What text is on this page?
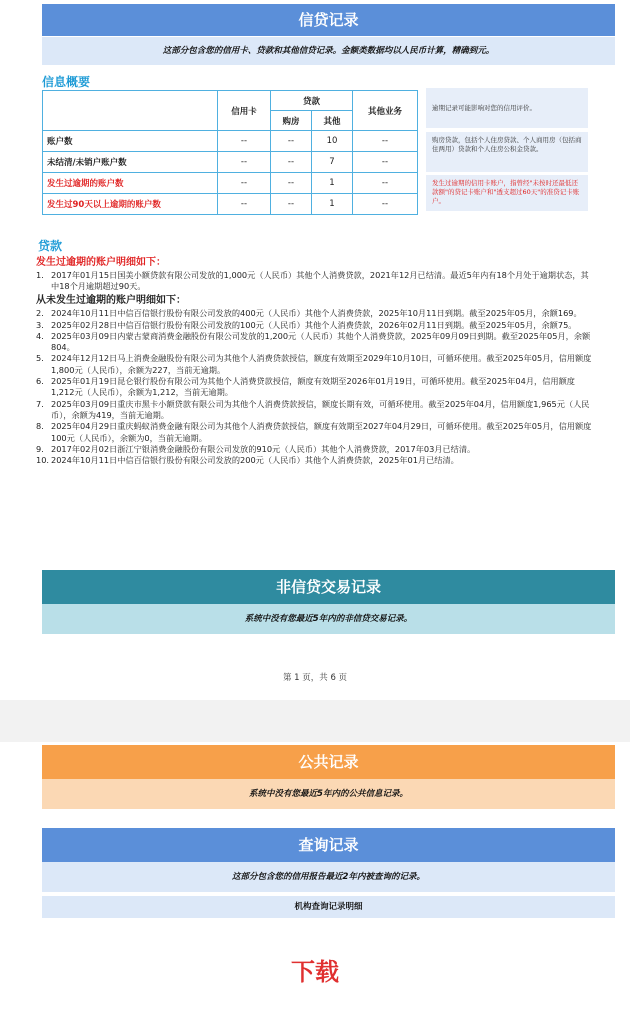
信贷记录
这部分包含您的信用卡、贷款和其他信贷记录。金额类数据均以人民币计算，精确到元。
信息概要
	信用卡	贷款		其他业务
		购房	其他	
账户数	--	--	10	--
未结清/未销户账户数	--	--	7	--
发生过逾期的账户数	--	--	1	--
发生过90天以上逾期的账户数	--	--	1	--
逾期记录可能影响对您的信用评价。
购房贷款，包括个人住房贷款、个人商用房（包括商住两用）贷款和个人住房公积金贷款。
发生过逾期的信用卡账户，指曾经"未按时还最低还款额"的贷记卡账户和"透支超过60天"的准贷记卡账户。
贷款
发生过逾期的账户明细如下：
1. 2017年01月15日国美小额贷款有限公司发放的1,000元（人民币）其他个人消费贷款，2021年12月已结清。最近5年内有18个月处于逾期状态，其中18个月逾期超过90天。
从未发生过逾期的账户明细如下：
2. 2024年10月11日中信百信银行股份有限公司发放的400元（人民币）其他个人消费贷款，2025年10月11日到期。截至2025年05月，余额169。
3. 2025年02月28日中信百信银行股份有限公司发放的100元（人民币）其他个人消费贷款，2026年02月11日到期。截至2025年05月，余额75。
4. 2025年03月09日内蒙古蒙商消费金融股份有限公司发放的1,200元（人民币）其他个人消费贷款，2025年09月09日到期。截至2025年05月，余额804。
5. 2024年12月12日马上消费金融股份有限公司为其他个人消费贷款授信，额度有效期至2029年10月10日，可循环使用。截至2025年05月，信用额度1,800元（人民币），余额为227，当前无逾期。
6. 2025年01月19日昆仑银行股份有限公司为其他个人消费贷款授信，额度有效期至2026年01月19日，可循环使用。截至2025年04月，信用额度1,212元（人民币），余额为1,212，当前无逾期。
7. 2025年03月09日重庆市黑卡小额贷款有限公司为其他个人消费贷款授信，额度长期有效，可循环使用。截至2025年04月，信用额度1,965元（人民币），余额为419，当前无逾期。
8. 2025年04月29日重庆蚂蚁消费金融有限公司为其他个人消费贷款授信，额度有效期至2027年04月29日，可循环使用。截至2025年05月，信用额度100元（人民币），余额为0，当前无逾期。
9. 2017年02月02日浙江宁银消费金融股份有限公司发放的910元（人民币）其他个人消费贷款，2017年03月已结清。
10. 2024年10月11日中信百信银行股份有限公司发放的200元（人民币）其他个人消费贷款，2025年01月已结清。
非信贷交易记录
系统中没有您最近5年内的非信贷交易记录。
第 1 页，共 6 页
公共记录
系统中没有您最近5年内的公共信息记录。
查询记录
这部分包含您的信用报告最近2年内被查询的记录。
机构查询记录明细
下载
